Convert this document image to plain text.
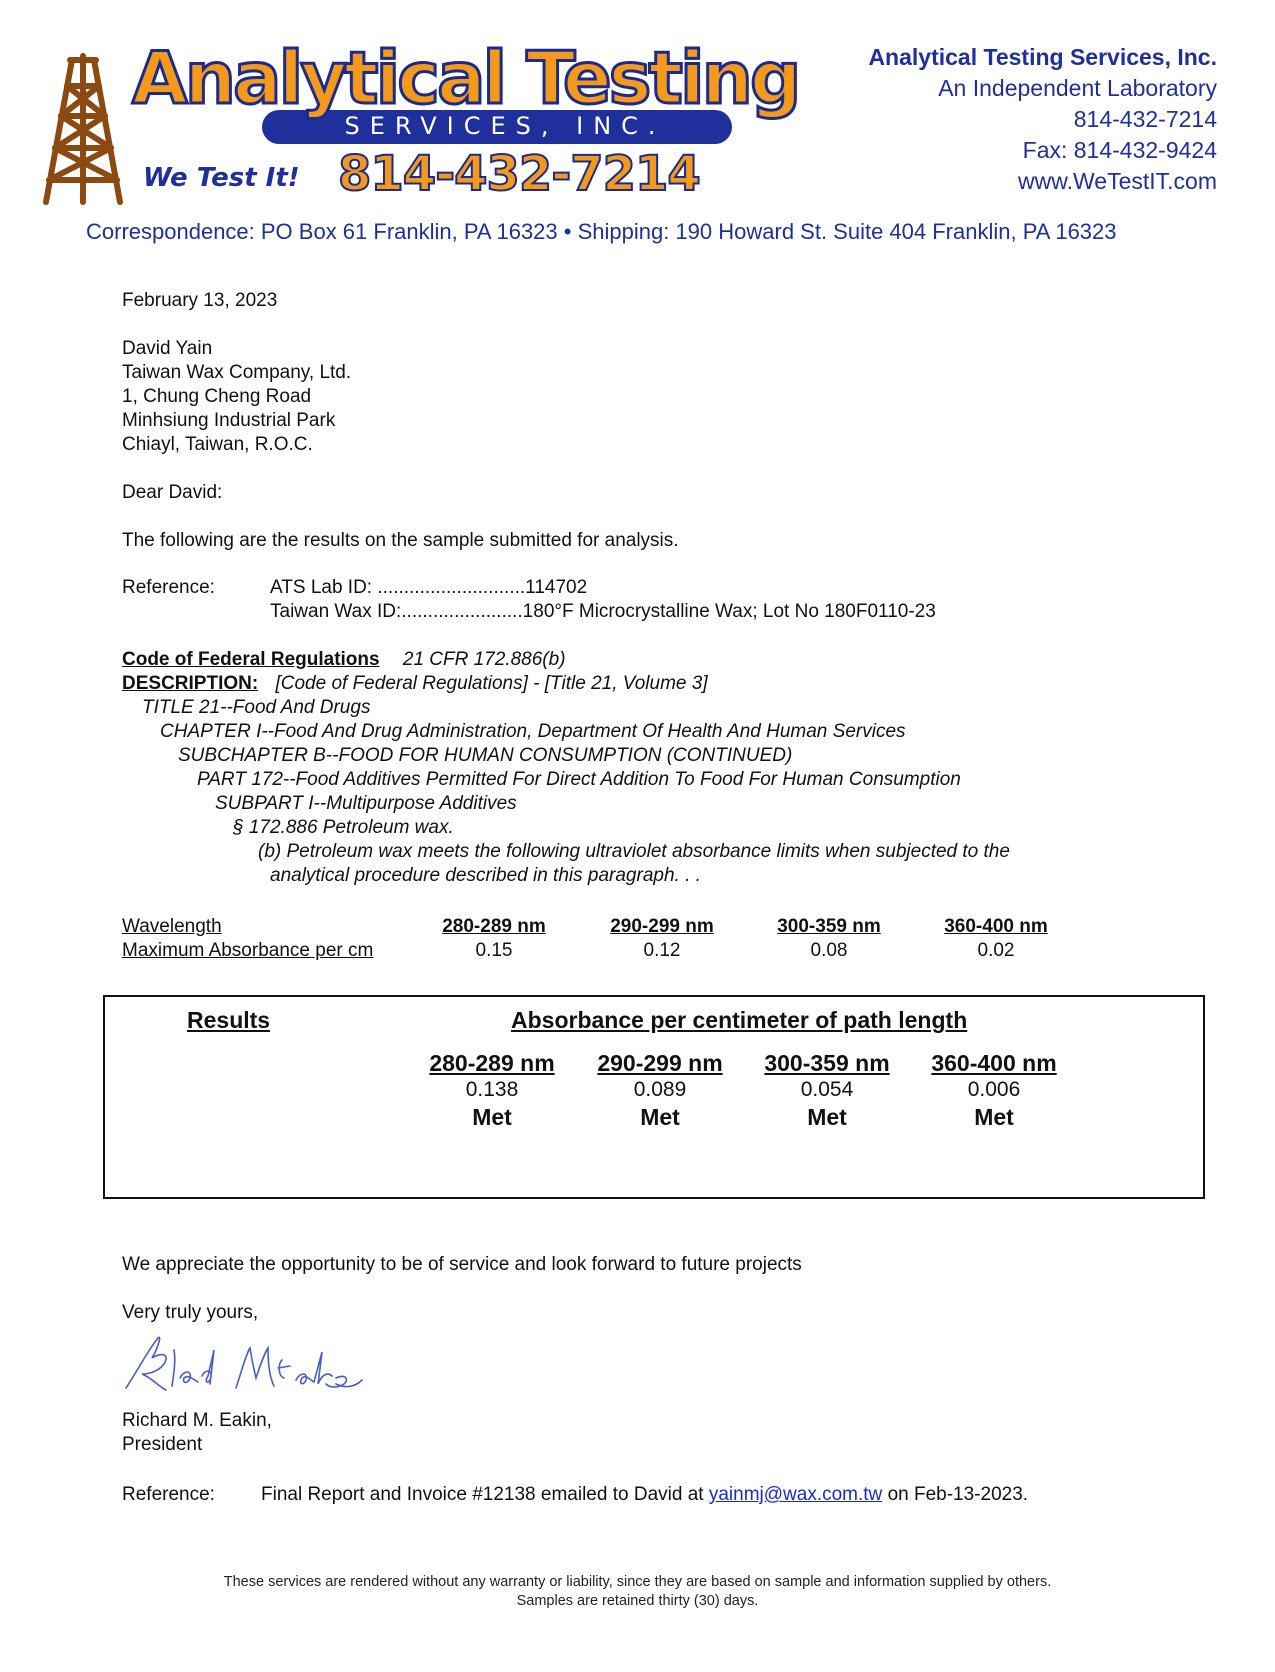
Analytical Testing
SERVICES, INC.
We Test It! 814-432-7214
Analytical Testing Services, Inc.
An Independent Laboratory
814-432-7214
Fax: 814-432-9424
www.WeTestIT.com
Correspondence: PO Box 61 Franklin, PA 16323 • Shipping: 190 Howard St. Suite 404 Franklin, PA 16323
February 13, 2023
David Yain
Taiwan Wax Company, Ltd.
1, Chung Cheng Road
Minhsiung Industrial Park
Chiayl, Taiwan, R.O.C.
Dear David:
The following are the results on the sample submitted for analysis.
Reference:	ATS Lab ID: ............................114702
Taiwan Wax ID:.......................180°F Microcrystalline Wax; Lot No 180F0110-23
Code of Federal Regulations 21 CFR 172.886(b)
DESCRIPTION: [Code of Federal Regulations] - [Title 21, Volume 3]
TITLE 21--Food And Drugs
CHAPTER I--Food And Drug Administration, Department Of Health And Human Services
SUBCHAPTER B--FOOD FOR HUMAN CONSUMPTION (CONTINUED)
PART 172--Food Additives Permitted For Direct Addition To Food For Human Consumption
SUBPART I--Multipurpose Additives
§ 172.886 Petroleum wax.
(b) Petroleum wax meets the following ultraviolet absorbance limits when subjected to the
analytical procedure described in this paragraph. . .
Wavelength
Maximum Absorbance per cm
280-289 nm
0.15
290-299 nm
0.12
300-359 nm
0.08
360-400 nm
0.02
Results	Absorbance per centimeter of path length
280-289 nm
0.138
Met
290-299 nm
0.089
Met
300-359 nm
0.054
Met
360-400 nm
0.006
Met
We appreciate the opportunity to be of service and look forward to future projects
Very truly yours,
Richard M. Eakin,
President
Reference: Final Report and Invoice #12138 emailed to David at yainmj@wax.com.tw on Feb-13-2023.
These services are rendered without any warranty or liability, since they are based on sample and information supplied by others.
Samples are retained thirty (30) days.
